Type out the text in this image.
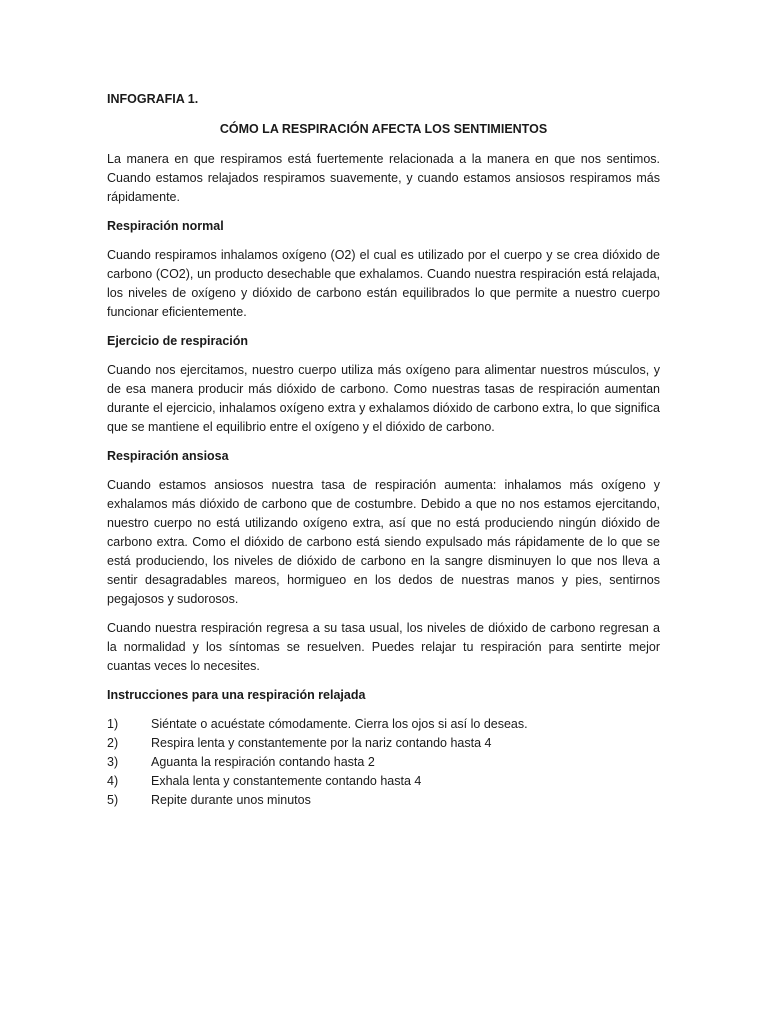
INFOGRAFIA 1.
CÓMO LA RESPIRACIÓN AFECTA LOS SENTIMIENTOS

La manera en que respiramos está fuertemente relacionada a la manera en que nos sentimos. Cuando estamos relajados respiramos suavemente, y cuando estamos ansiosos respiramos más rápidamente.

Respiración normal

Cuando respiramos inhalamos oxígeno (O2) el cual es utilizado por el cuerpo y se crea dióxido de carbono (CO2), un producto desechable que exhalamos. Cuando nuestra respiración está relajada, los niveles de oxígeno y dióxido de carbono están equilibrados lo que permite a nuestro cuerpo funcionar eficientemente.

Ejercicio de respiración

Cuando nos ejercitamos, nuestro cuerpo utiliza más oxígeno para alimentar nuestros músculos, y de esa manera producir más dióxido de carbono. Como nuestras tasas de respiración aumentan durante el ejercicio, inhalamos oxígeno extra y exhalamos dióxido de carbono extra, lo que significa que se mantiene el equilibrio entre el oxígeno y el dióxido de carbono.

Respiración ansiosa

Cuando estamos ansiosos nuestra tasa de respiración aumenta: inhalamos más oxígeno y exhalamos más dióxido de carbono que de costumbre. Debido a que no nos estamos ejercitando, nuestro cuerpo no está utilizando oxígeno extra, así que no está produciendo ningún dióxido de carbono extra. Como el dióxido de carbono está siendo expulsado más rápidamente de lo que se está produciendo, los niveles de dióxido de carbono en la sangre disminuyen lo que nos lleva a sentir desagradables mareos, hormigueo en los dedos de nuestras manos y pies, sentirnos pegajosos y sudorosos.

Cuando nuestra respiración regresa a su tasa usual, los niveles de dióxido de carbono regresan a la normalidad y los síntomas se resuelven. Puedes relajar tu respiración para sentirte mejor cuantas veces lo necesites.

Instrucciones para una respiración relajada
1)	Siéntate o acuéstate cómodamente. Cierra los ojos si así lo deseas.
2)	Respira lenta y constantemente por la nariz contando hasta 4
3)	Aguanta la respiración contando hasta 2
4)	Exhala lenta y constantemente contando hasta 4
5)	Repite durante unos minutos
